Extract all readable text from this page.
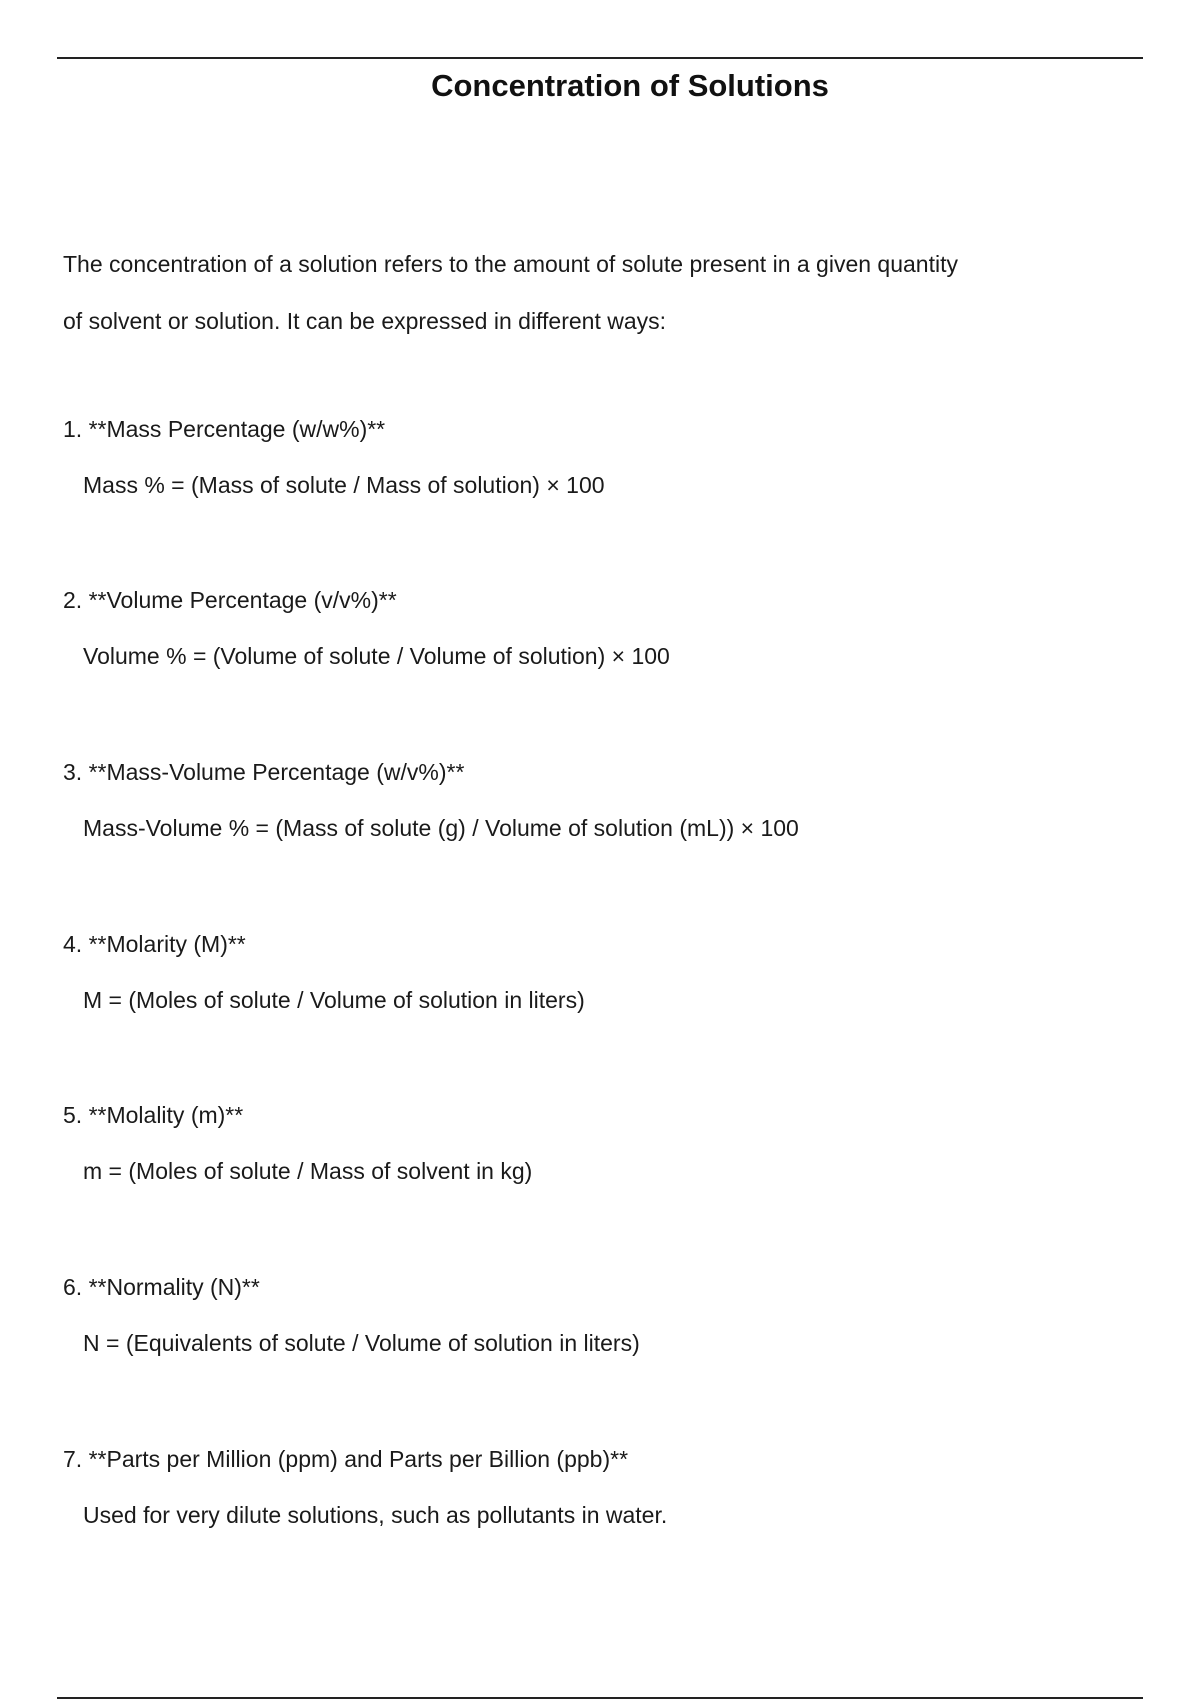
Concentration of Solutions
The concentration of a solution refers to the amount of solute present in a given quantity
of solvent or solution. It can be expressed in different ways:
1. **Mass Percentage (w/w%)**
Mass % = (Mass of solute / Mass of solution) × 100
2. **Volume Percentage (v/v%)**
Volume % = (Volume of solute / Volume of solution) × 100
3. **Mass-Volume Percentage (w/v%)**
Mass-Volume % = (Mass of solute (g) / Volume of solution (mL)) × 100
4. **Molarity (M)**
M = (Moles of solute / Volume of solution in liters)
5. **Molality (m)**
m = (Moles of solute / Mass of solvent in kg)
6. **Normality (N)**
N = (Equivalents of solute / Volume of solution in liters)
7. **Parts per Million (ppm) and Parts per Billion (ppb)**
Used for very dilute solutions, such as pollutants in water.
